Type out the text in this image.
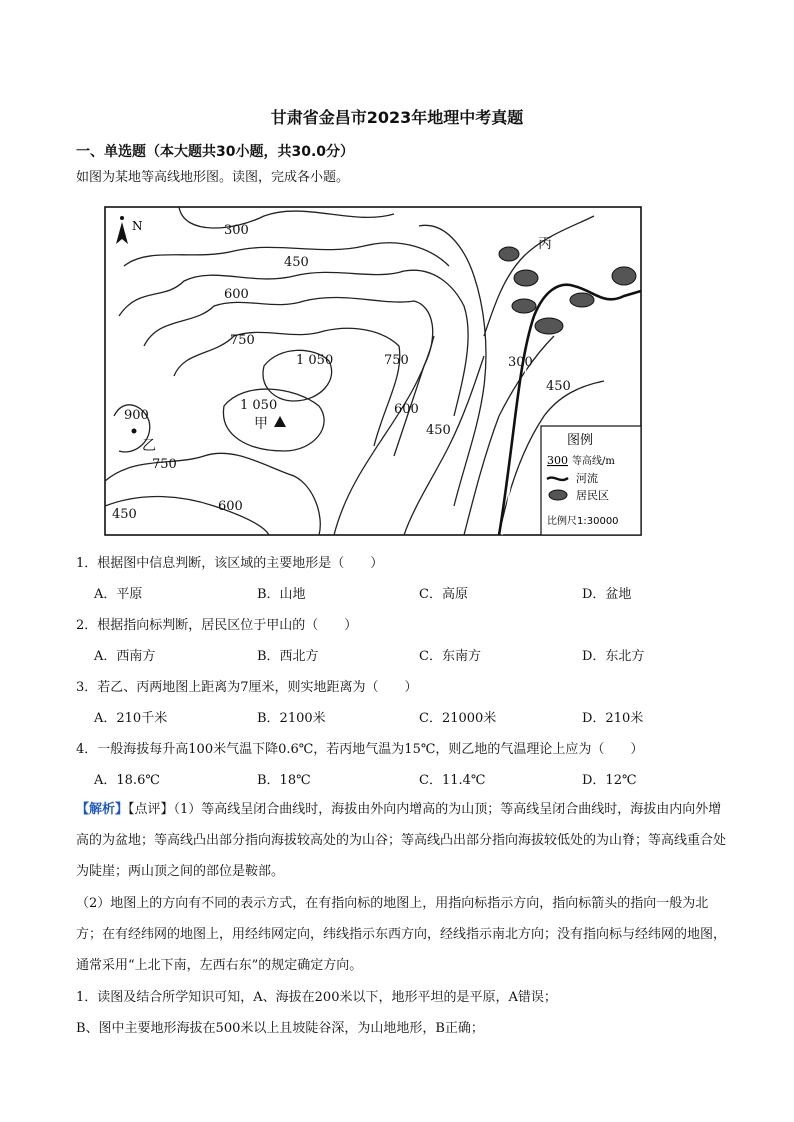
甘肃省金昌市2023年地理中考真题
一、单选题（本大题共30小题，共30.0分）
如图为某地等高线地形图。读图，完成各小题。
N	300
450
600
750
1 050	750
600
450
300
450
900
750
450
600
1 050
甲
乙
丙
图例
300 等高线/m
河流
居民区
比例尺1:30000
1．根据图中信息判断，该区域的主要地形是（　　）
A．平原	B．山地	C．高原	D．盆地
2．根据指向标判断，居民区位于甲山的（　　）
A．西南方	B．西北方	C．东南方	D．东北方
3．若乙、丙两地图上距离为7厘米，则实地距离为（　　）
A．210千米	B．2100米	C．21000米	D．210米
4．一般海拔每升高100米气温下降0.6℃，若丙地气温为15℃，则乙地的气温理论上应为（　　）
A．18.6℃	B．18℃	C．11.4℃	D．12℃
【解析】【点评】（1）等高线呈闭合曲线时，海拔由外向内增高的为山顶；等高线呈闭合曲线时，海拔由内向外增高的为盆地；等高线凸出部分指向海拔较高处的为山谷；等高线凸出部分指向海拔较低处的为山脊；等高线重合处为陡崖；两山顶之间的部位是鞍部。
（2）地图上的方向有不同的表示方式，在有指向标的地图上，用指向标指示方向，指向标箭头的指向一般为北方；在有经纬网的地图上，用经纬网定向，纬线指示东西方向，经线指示南北方向；没有指向标与经纬网的地图，通常采用“上北下南，左西右东”的规定确定方向。
1．读图及结合所学知识可知，A、海拔在200米以下，地形平坦的是平原，A错误；
B、图中主要地形海拔在500米以上且坡陡谷深，为山地地形，B正确；
